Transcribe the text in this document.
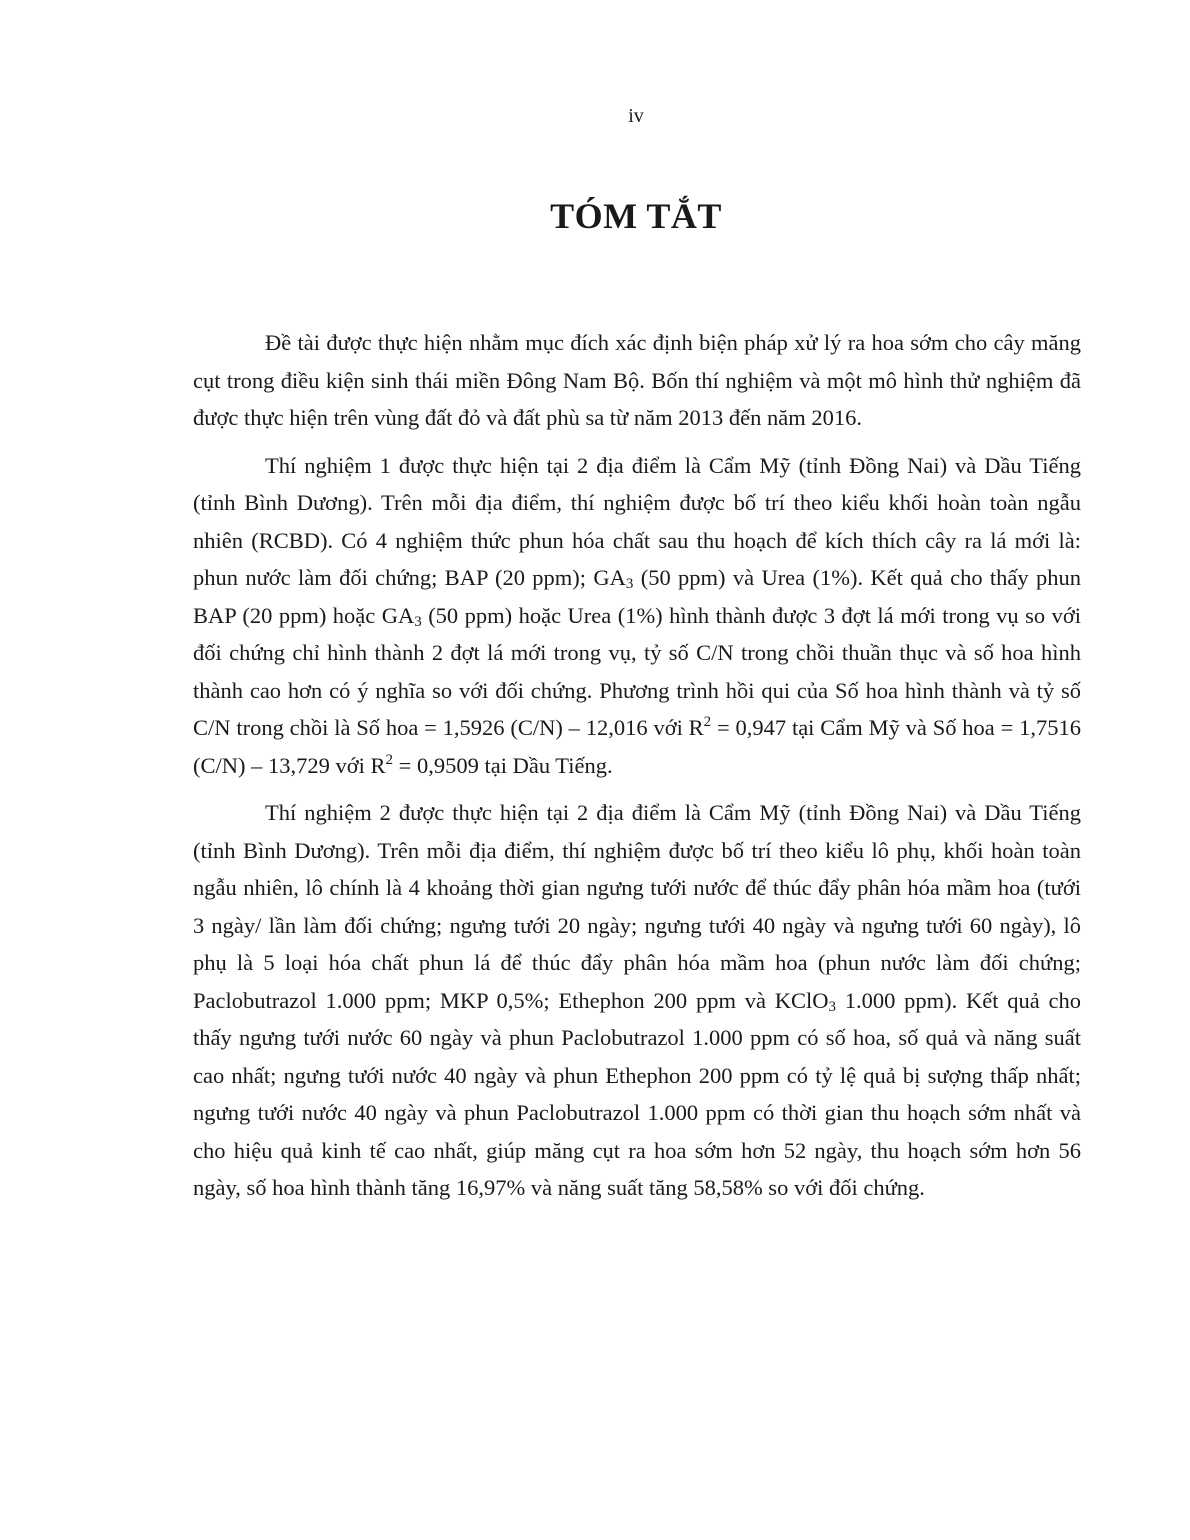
iv
TÓM TẮT

Đề tài được thực hiện nhằm mục đích xác định biện pháp xử lý ra hoa sớm cho cây măng cụt trong điều kiện sinh thái miền Đông Nam Bộ. Bốn thí nghiệm và một mô hình thử nghiệm đã được thực hiện trên vùng đất đỏ và đất phù sa từ năm 2013 đến năm 2016.

Thí nghiệm 1 được thực hiện tại 2 địa điểm là Cẩm Mỹ (tỉnh Đồng Nai) và Dầu Tiếng (tỉnh Bình Dương). Trên mỗi địa điểm, thí nghiệm được bố trí theo kiểu khối hoàn toàn ngẫu nhiên (RCBD). Có 4 nghiệm thức phun hóa chất sau thu hoạch để kích thích cây ra lá mới là: phun nước làm đối chứng; BAP (20 ppm); $GA_3$ (50 ppm) và Urea (1%). Kết quả cho thấy phun BAP (20 ppm) hoặc $GA_3$ (50 ppm) hoặc Urea (1%) hình thành được 3 đợt lá mới trong vụ so với đối chứng chỉ hình thành 2 đợt lá mới trong vụ, tỷ số C/N trong chồi thuần thục và số hoa hình thành cao hơn có ý nghĩa so với đối chứng. Phương trình hồi qui của Số hoa hình thành và tỷ số C/N trong chồi là Số hoa = 1,5926 (C/N) – 12,016 với $R^2 = 0,947$ tại Cẩm Mỹ và Số hoa = 1,7516 (C/N) – 13,729 với $R^2 = 0,9509$ tại Dầu Tiếng.

Thí nghiệm 2 được thực hiện tại 2 địa điểm là Cẩm Mỹ (tỉnh Đồng Nai) và Dầu Tiếng (tỉnh Bình Dương). Trên mỗi địa điểm, thí nghiệm được bố trí theo kiểu lô phụ, khối hoàn toàn ngẫu nhiên, lô chính là 4 khoảng thời gian ngưng tưới nước để thúc đẩy phân hóa mầm hoa (tưới 3 ngày/ lần làm đối chứng; ngưng tưới 20 ngày; ngưng tưới 40 ngày và ngưng tưới 60 ngày), lô phụ là 5 loại hóa chất phun lá để thúc đẩy phân hóa mầm hoa (phun nước làm đối chứng; Paclobutrazol 1.000 ppm; MKP 0,5%; Ethephon 200 ppm và KClO$_3$ 1.000 ppm). Kết quả cho thấy ngưng tưới nước 60 ngày và phun Paclobutrazol 1.000 ppm có số hoa, số quả và năng suất cao nhất; ngưng tưới nước 40 ngày và phun Ethephon 200 ppm có tỷ lệ quả bị sượng thấp nhất; ngưng tưới nước 40 ngày và phun Paclobutrazol 1.000 ppm có thời gian thu hoạch sớm nhất và cho hiệu quả kinh tế cao nhất, giúp măng cụt ra hoa sớm hơn 52 ngày, thu hoạch sớm hơn 56 ngày, số hoa hình thành tăng 16,97% và năng suất tăng 58,58% so với đối chứng.
